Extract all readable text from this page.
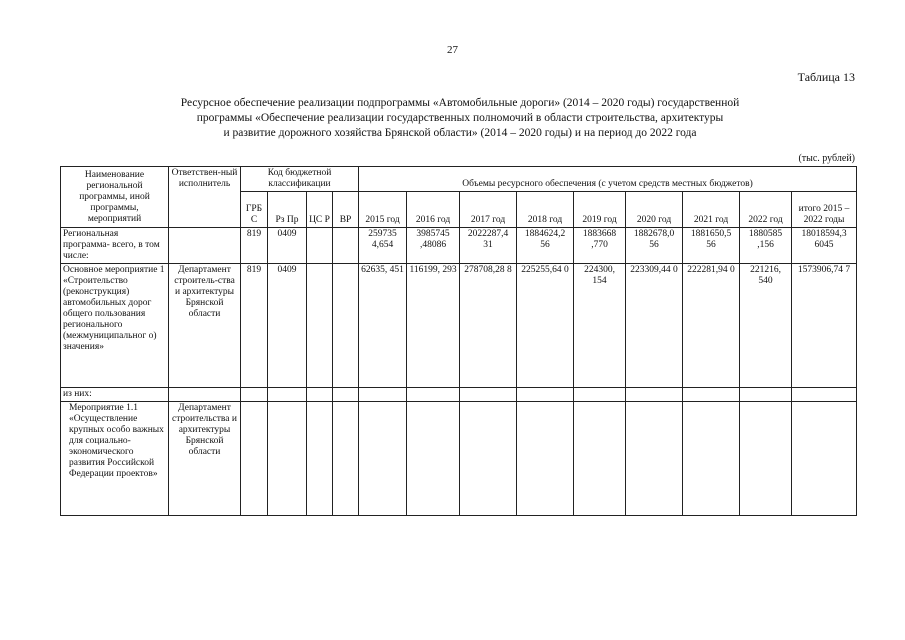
27
Таблица 13
Ресурсное обеспечение реализации подпрограммы «Автомобильные дороги» (2014 – 2020 годы) государственной
программы «Обеспечение реализации государственных полномочий в области строительства, архитектуры
и развитие дорожного хозяйства Брянской области» (2014 – 2020 годы) и на период до 2022 года
(тыс. рублей)
Наименование региональной программы, иной программы, мероприятий	Ответствен-ный исполнитель	Код бюджетной классификации				Объемы ресурсного обеспечения (с учетом средств местных бюджетов)								
		ГРБ С	Рз Пр	ЦС Р	ВР	2015 год	2016 год	2017 год	2018 год	2019 год	2020 год	2021 год	2022 год	итого 2015 – 2022 годы
Региональная программа- всего, в том числе:		819	0409			259735 4,654	3985745 ,48086	2022287,4 31	1884624,2 56	1883668 ,770	1882678,0 56	1881650,5 56	1880585 ,156	18018594,3 6045
Основное мероприятие 1 «Строительство (реконструкция) автомобильных дорог общего пользования регионального (межмуниципальног о) значения»	Департамент строитель-ства и архитектуры Брянской области	819	0409			62635, 451	116199, 293	278708,28 8	225255,64 0	224300, 154	223309,44 0	222281,94 0	221216, 540	1573906,74 7
из них:														
Мероприятие 1.1 «Осуществление крупных особо важных для социально-экономического развития Российской Федерации проектов»	Департамент строительства и архитектуры Брянской области													
